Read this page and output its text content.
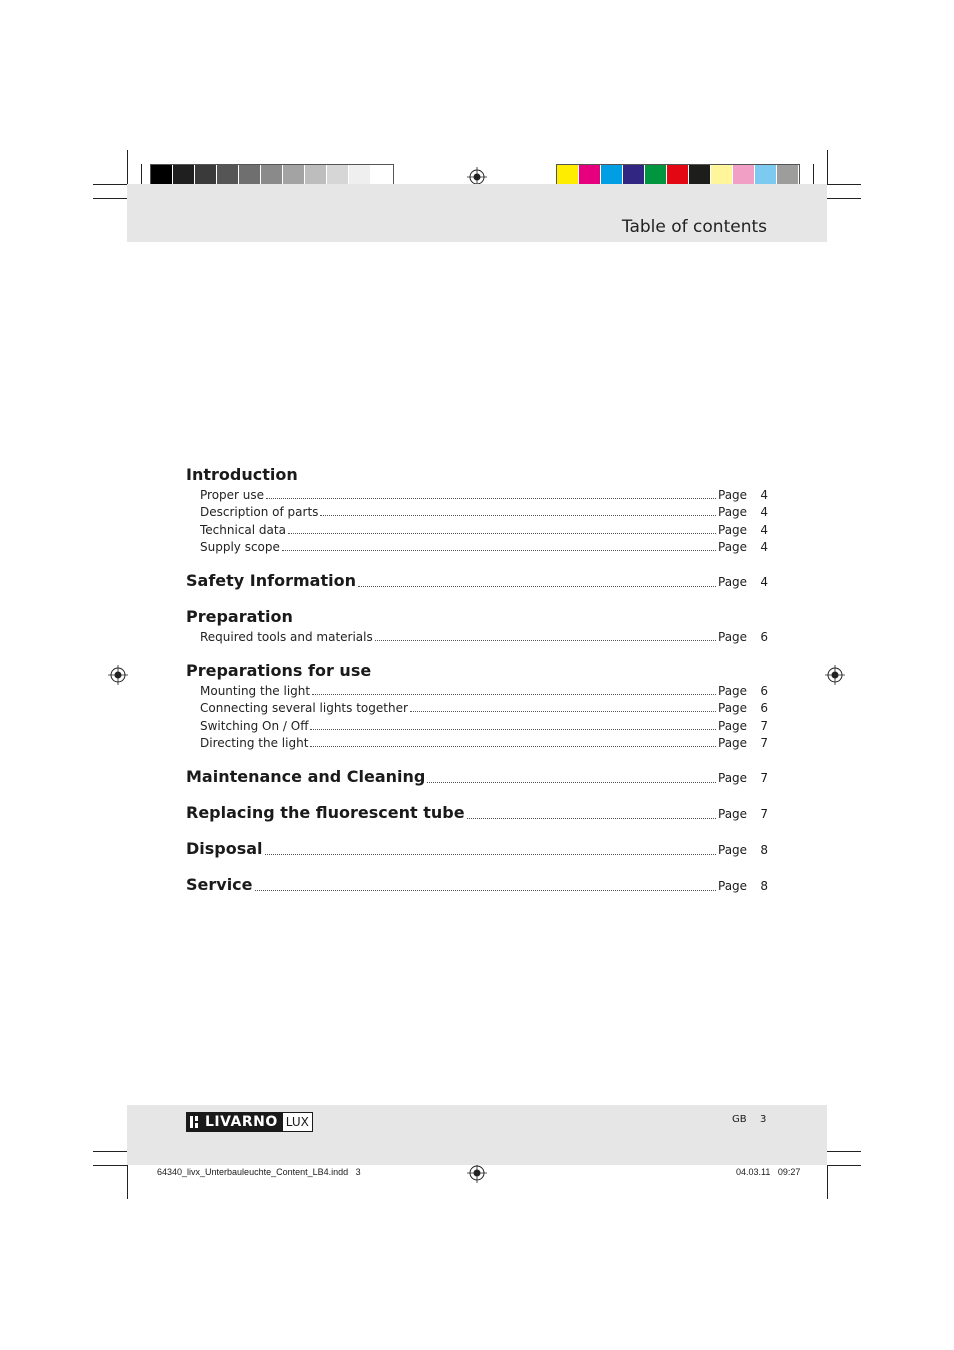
Table of contents
Introduction
Proper use	Page	4
Description of parts	Page	4
Technical data	Page	4
Supply scope	Page	4
Safety Information	Page	4
Preparation
Required tools and materials	Page	6
Preparations for use
Mounting the light	Page	6
Connecting several lights together	Page	6
Switching On / Off	Page	7
Directing the light	Page	7
Maintenance and Cleaning	Page	7
Replacing the fluorescent tube	Page	7
Disposal	Page	8
Service	Page	8
LIVARNO LUX	GB 3
64340_livx_Unterbauleuchte_Content_LB4.indd   3	04.03.11   09:27
